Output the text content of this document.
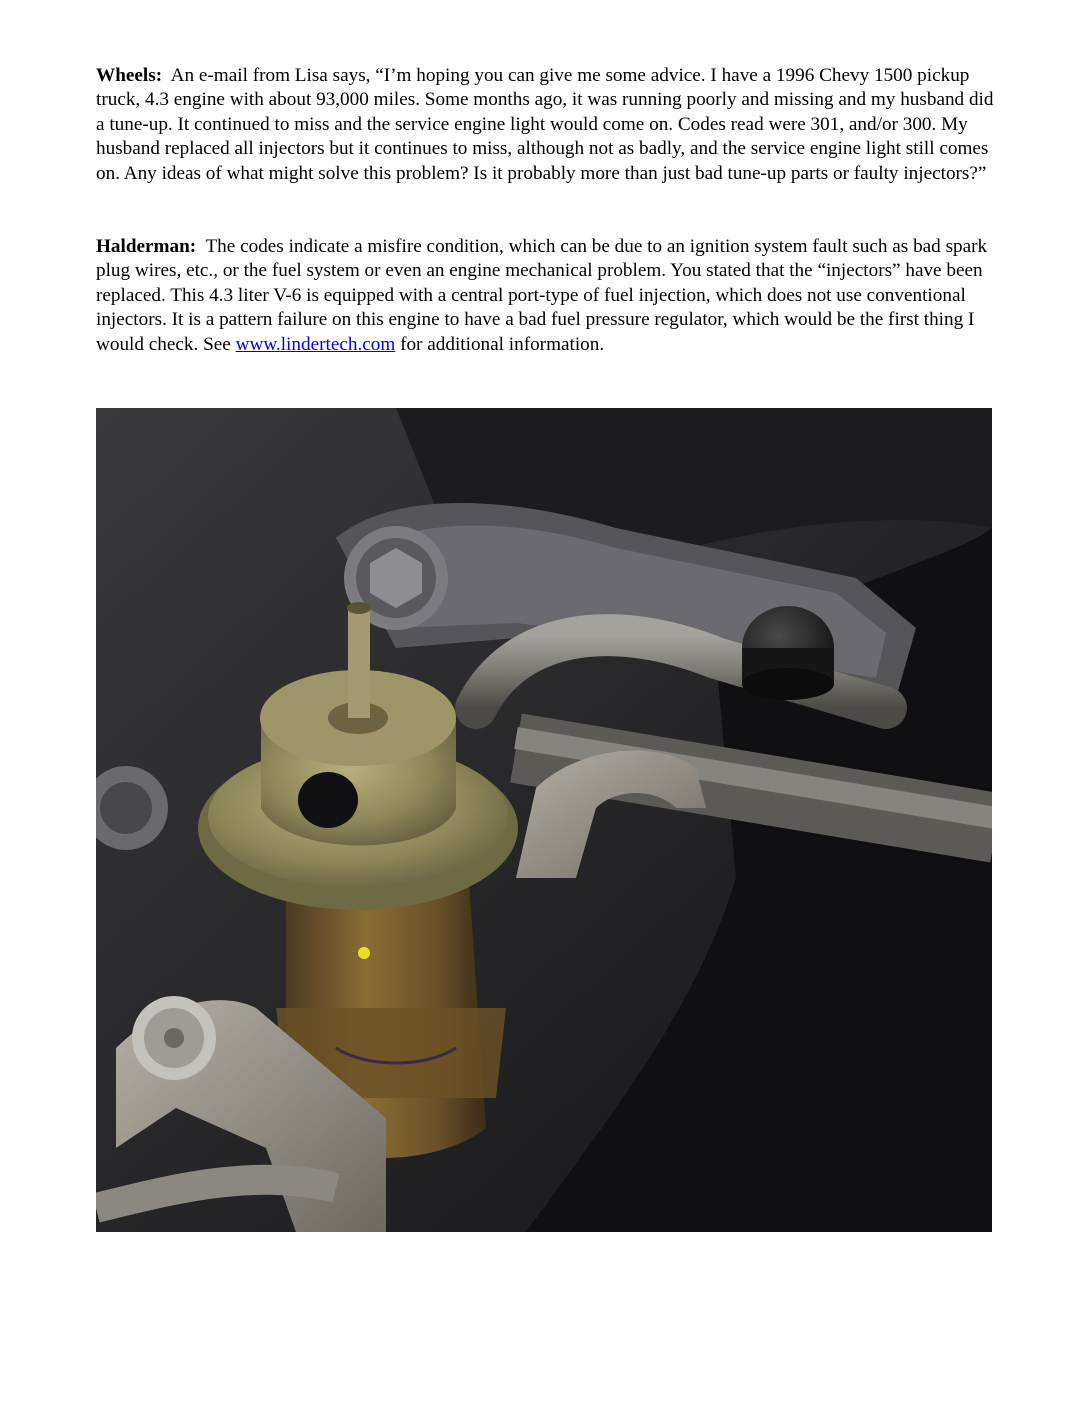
Wheels: An e-mail from Lisa says, “I’m hoping you can give me some advice. I have a 1996 Chevy 1500 pickup truck, 4.3 engine with about 93,000 miles. Some months ago, it was running poorly and missing and my husband did a tune-up. It continued to miss and the service engine light would come on. Codes read were 301, and/or 300. My husband replaced all injectors but it continues to miss, although not as badly, and the service engine light still comes on. Any ideas of what might solve this problem? Is it probably more than just bad tune-up parts or faulty injectors?”

Halderman: The codes indicate a misfire condition, which can be due to an ignition system fault such as bad spark plug wires, etc., or the fuel system or even an engine mechanical problem. You stated that the “injectors” have been replaced. This 4.3 liter V-6 is equipped with a central port-type of fuel injection, which does not use conventional injectors. It is a pattern failure on this engine to have a bad fuel pressure regulator, which would be the first thing I would check. See www.lindertech.com for additional information.
